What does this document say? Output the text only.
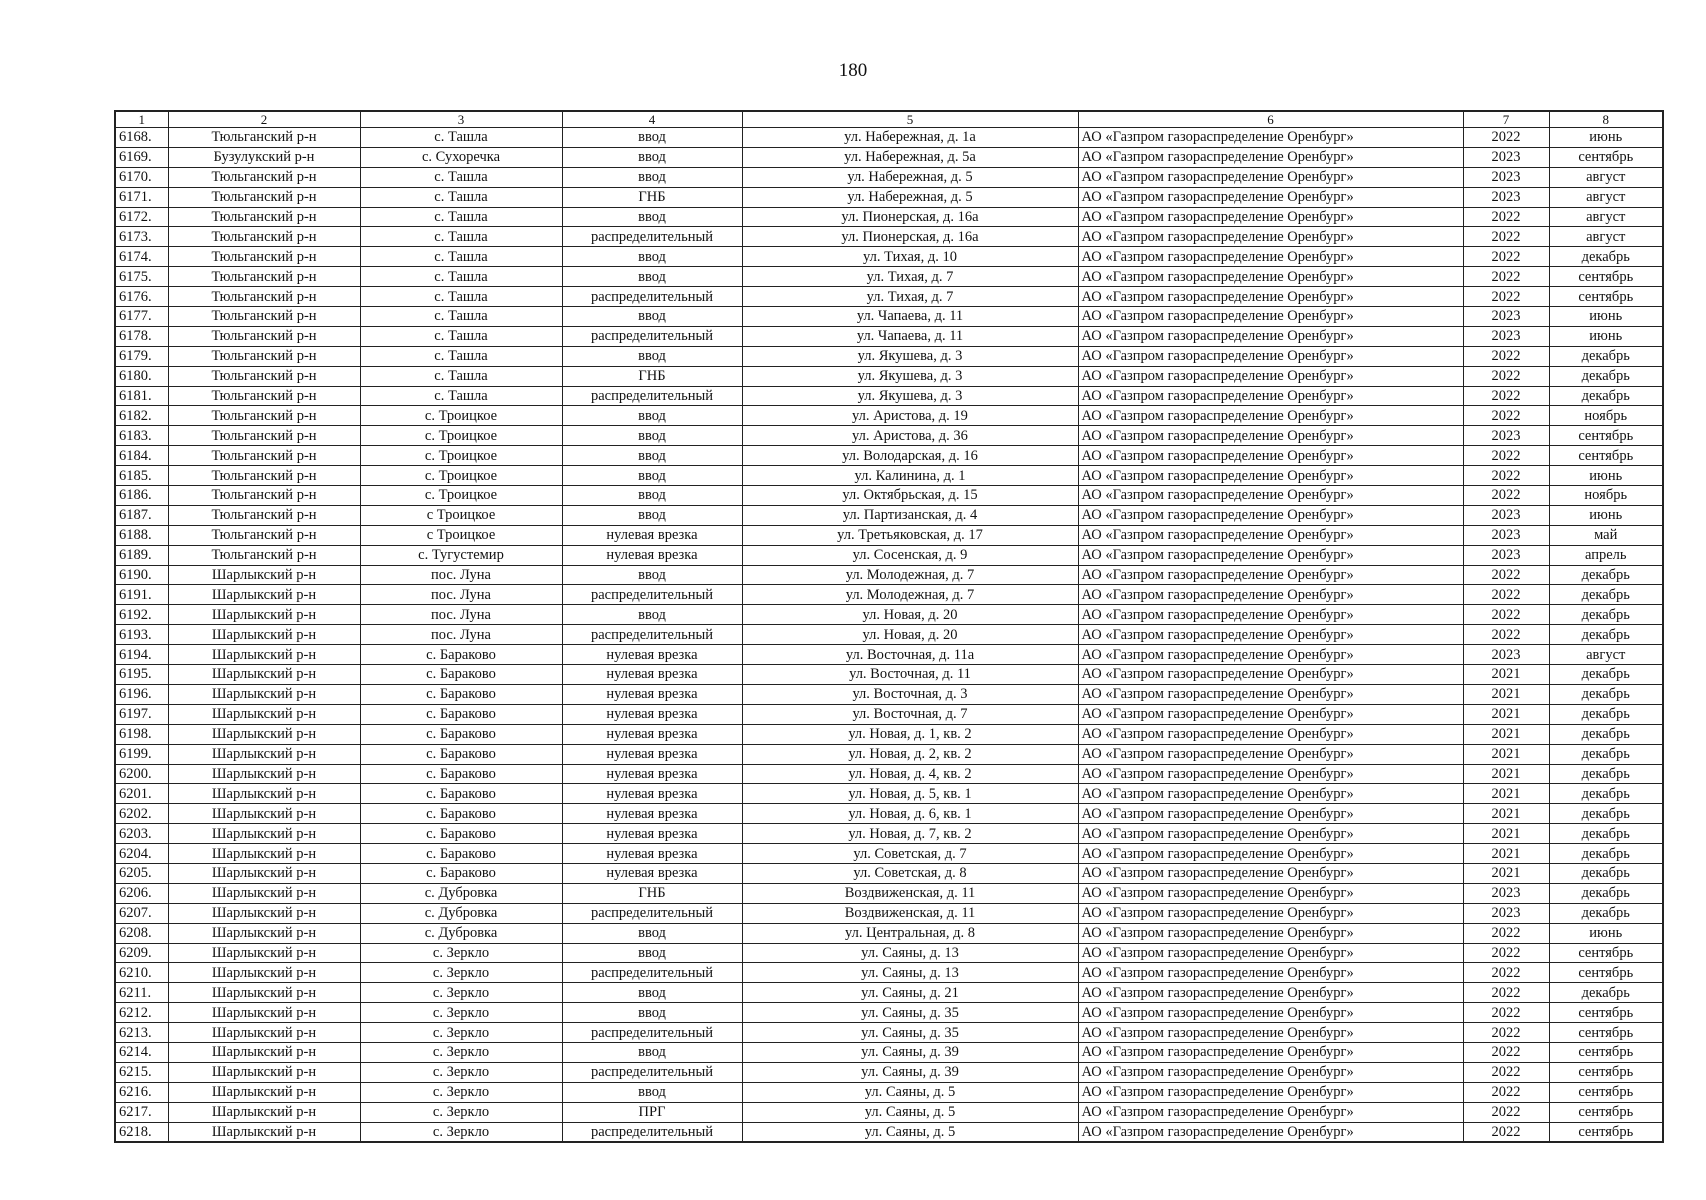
180
1	2	3	4	5	6	7	8
6168.	Тюльганский р-н	с. Ташла	ввод	ул. Набережная, д. 1а	АО «Газпром газораспределение Оренбург»	2022	июнь
6169.	Бузулукский р-н	с. Сухоречка	ввод	ул. Набережная, д. 5а	АО «Газпром газораспределение Оренбург»	2023	сентябрь
6170.	Тюльганский р-н	с. Ташла	ввод	ул. Набережная, д. 5	АО «Газпром газораспределение Оренбург»	2023	август
6171.	Тюльганский р-н	с. Ташла	ГНБ	ул. Набережная, д. 5	АО «Газпром газораспределение Оренбург»	2023	август
6172.	Тюльганский р-н	с. Ташла	ввод	ул. Пионерская, д. 16а	АО «Газпром газораспределение Оренбург»	2022	август
6173.	Тюльганский р-н	с. Ташла	распределительный	ул. Пионерская, д. 16а	АО «Газпром газораспределение Оренбург»	2022	август
6174.	Тюльганский р-н	с. Ташла	ввод	ул. Тихая, д. 10	АО «Газпром газораспределение Оренбург»	2022	декабрь
6175.	Тюльганский р-н	с. Ташла	ввод	ул. Тихая, д. 7	АО «Газпром газораспределение Оренбург»	2022	сентябрь
6176.	Тюльганский р-н	с. Ташла	распределительный	ул. Тихая, д. 7	АО «Газпром газораспределение Оренбург»	2022	сентябрь
6177.	Тюльганский р-н	с. Ташла	ввод	ул. Чапаева, д. 11	АО «Газпром газораспределение Оренбург»	2023	июнь
6178.	Тюльганский р-н	с. Ташла	распределительный	ул. Чапаева, д. 11	АО «Газпром газораспределение Оренбург»	2023	июнь
6179.	Тюльганский р-н	с. Ташла	ввод	ул. Якушева, д. 3	АО «Газпром газораспределение Оренбург»	2022	декабрь
6180.	Тюльганский р-н	с. Ташла	ГНБ	ул. Якушева, д. 3	АО «Газпром газораспределение Оренбург»	2022	декабрь
6181.	Тюльганский р-н	с. Ташла	распределительный	ул. Якушева, д. 3	АО «Газпром газораспределение Оренбург»	2022	декабрь
6182.	Тюльганский р-н	с. Троицкое	ввод	ул. Аристова, д. 19	АО «Газпром газораспределение Оренбург»	2022	ноябрь
6183.	Тюльганский р-н	с. Троицкое	ввод	ул. Аристова, д. 36	АО «Газпром газораспределение Оренбург»	2023	сентябрь
6184.	Тюльганский р-н	с. Троицкое	ввод	ул. Володарская, д. 16	АО «Газпром газораспределение Оренбург»	2022	сентябрь
6185.	Тюльганский р-н	с. Троицкое	ввод	ул. Калинина, д. 1	АО «Газпром газораспределение Оренбург»	2022	июнь
6186.	Тюльганский р-н	с. Троицкое	ввод	ул. Октябрьская, д. 15	АО «Газпром газораспределение Оренбург»	2022	ноябрь
6187.	Тюльганский р-н	с Троицкое	ввод	ул. Партизанская, д. 4	АО «Газпром газораспределение Оренбург»	2023	июнь
6188.	Тюльганский р-н	с Троицкое	нулевая врезка	ул. Третьяковская, д. 17	АО «Газпром газораспределение Оренбург»	2023	май
6189.	Тюльганский р-н	с. Тугустемир	нулевая врезка	ул. Сосенская, д. 9	АО «Газпром газораспределение Оренбург»	2023	апрель
6190.	Шарлыкский р-н	пос. Луна	ввод	ул. Молодежная, д. 7	АО «Газпром газораспределение Оренбург»	2022	декабрь
6191.	Шарлыкский р-н	пос. Луна	распределительный	ул. Молодежная, д. 7	АО «Газпром газораспределение Оренбург»	2022	декабрь
6192.	Шарлыкский р-н	пос. Луна	ввод	ул. Новая, д. 20	АО «Газпром газораспределение Оренбург»	2022	декабрь
6193.	Шарлыкский р-н	пос. Луна	распределительный	ул. Новая, д. 20	АО «Газпром газораспределение Оренбург»	2022	декабрь
6194.	Шарлыкский р-н	с. Бараково	нулевая врезка	ул. Восточная, д. 11а	АО «Газпром газораспределение Оренбург»	2023	август
6195.	Шарлыкский р-н	с. Бараково	нулевая врезка	ул. Восточная, д. 11	АО «Газпром газораспределение Оренбург»	2021	декабрь
6196.	Шарлыкский р-н	с. Бараково	нулевая врезка	ул. Восточная, д. 3	АО «Газпром газораспределение Оренбург»	2021	декабрь
6197.	Шарлыкский р-н	с. Бараково	нулевая врезка	ул. Восточная, д. 7	АО «Газпром газораспределение Оренбург»	2021	декабрь
6198.	Шарлыкский р-н	с. Бараково	нулевая врезка	ул. Новая, д. 1, кв. 2	АО «Газпром газораспределение Оренбург»	2021	декабрь
6199.	Шарлыкский р-н	с. Бараково	нулевая врезка	ул. Новая, д. 2, кв. 2	АО «Газпром газораспределение Оренбург»	2021	декабрь
6200.	Шарлыкский р-н	с. Бараково	нулевая врезка	ул. Новая, д. 4, кв. 2	АО «Газпром газораспределение Оренбург»	2021	декабрь
6201.	Шарлыкский р-н	с. Бараково	нулевая врезка	ул. Новая, д. 5, кв. 1	АО «Газпром газораспределение Оренбург»	2021	декабрь
6202.	Шарлыкский р-н	с. Бараково	нулевая врезка	ул. Новая, д. 6, кв. 1	АО «Газпром газораспределение Оренбург»	2021	декабрь
6203.	Шарлыкский р-н	с. Бараково	нулевая врезка	ул. Новая, д. 7, кв. 2	АО «Газпром газораспределение Оренбург»	2021	декабрь
6204.	Шарлыкский р-н	с. Бараково	нулевая врезка	ул. Советская, д. 7	АО «Газпром газораспределение Оренбург»	2021	декабрь
6205.	Шарлыкский р-н	с. Бараково	нулевая врезка	ул. Советская, д. 8	АО «Газпром газораспределение Оренбург»	2021	декабрь
6206.	Шарлыкский р-н	с. Дубровка	ГНБ	Воздвиженская, д. 11	АО «Газпром газораспределение Оренбург»	2023	декабрь
6207.	Шарлыкский р-н	с. Дубровка	распределительный	Воздвиженская, д. 11	АО «Газпром газораспределение Оренбург»	2023	декабрь
6208.	Шарлыкский р-н	с. Дубровка	ввод	ул. Центральная, д. 8	АО «Газпром газораспределение Оренбург»	2022	июнь
6209.	Шарлыкский р-н	с. Зеркло	ввод	ул. Саяны, д. 13	АО «Газпром газораспределение Оренбург»	2022	сентябрь
6210.	Шарлыкский р-н	с. Зеркло	распределительный	ул. Саяны, д. 13	АО «Газпром газораспределение Оренбург»	2022	сентябрь
6211.	Шарлыкский р-н	с. Зеркло	ввод	ул. Саяны, д. 21	АО «Газпром газораспределение Оренбург»	2022	декабрь
6212.	Шарлыкский р-н	с. Зеркло	ввод	ул. Саяны, д. 35	АО «Газпром газораспределение Оренбург»	2022	сентябрь
6213.	Шарлыкский р-н	с. Зеркло	распределительный	ул. Саяны, д. 35	АО «Газпром газораспределение Оренбург»	2022	сентябрь
6214.	Шарлыкский р-н	с. Зеркло	ввод	ул. Саяны, д. 39	АО «Газпром газораспределение Оренбург»	2022	сентябрь
6215.	Шарлыкский р-н	с. Зеркло	распределительный	ул. Саяны, д. 39	АО «Газпром газораспределение Оренбург»	2022	сентябрь
6216.	Шарлыкский р-н	с. Зеркло	ввод	ул. Саяны, д. 5	АО «Газпром газораспределение Оренбург»	2022	сентябрь
6217.	Шарлыкский р-н	с. Зеркло	ПРГ	ул. Саяны, д. 5	АО «Газпром газораспределение Оренбург»	2022	сентябрь
6218.	Шарлыкский р-н	с. Зеркло	распределительный	ул. Саяны, д. 5	АО «Газпром газораспределение Оренбург»	2022	сентябрь
